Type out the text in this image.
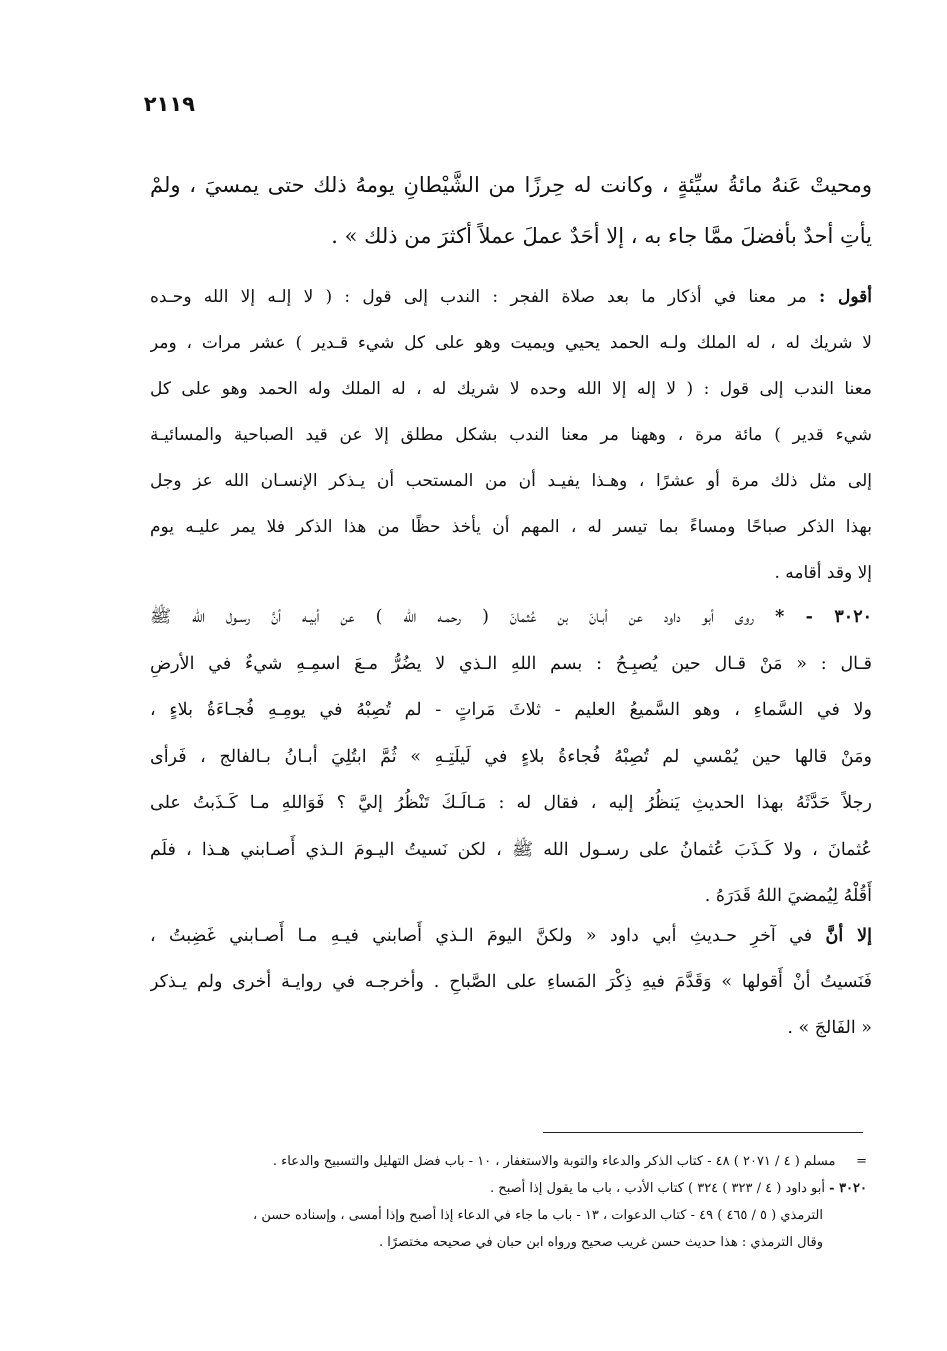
٢١١٩
ومحيتْ عَنهُ مائةُ سيِّئةٍ ، وكانت له حِرزًا من الشَّيْطانِ يومهُ ذلك حتى يمسيَ ، ولمْ
يأتِ أحدٌ بأفضلَ ممَّا جاء به ، إلا أحَدٌ عملَ عملاً أكثرَ من ذلك » .
أقول : مر معنا في أذكار ما بعد صلاة الفجر : الندب إلى قول : ( لا إلـه إلا الله وحـده
لا شريك له ، له الملك ولـه الحمد يحيي ويميت وهو على كل شيء قـدير ) عشر مرات ، ومر
معنا الندب إلى قول : ( لا إله إلا الله وحده لا شريك له ، له الملك وله الحمد وهو على كل
شيء قدير ) مائة مرة ، وههنا مر معنا الندب بشكل مطلق إلا عن قيد الصباحية والمسائيـة
إلى مثل ذلك مرة أو عشرًا ، وهـذا يفيـد أن من المستحب أن يـذكر الإنسـان الله عز وجل
بهذا الذكر صباحًا ومساءً بما تيسر له ، المهم أن يأخذ حظًا من هذا الذكر فلا يمر عليـه يوم
إلا وقد أقامه .
٣٠٢٠ - * روى أبو داود عن أبـانَ بن عُثمانَ ( رحمـه الله ) عن أبيـه أنَّ رسـول الله ﷺ
قـال : « مَنْ قـال حين يُصبِـحُ : بسم اللهِ الـذي لا يضُرُّ مـعَ اسمِـهِ شيءٌ في الأرضِ
ولا في السَّماءِ ، وهو السَّميعُ العليم - ثلاثَ مَراتٍ - لم تُصِبْهُ في يومِـهِ فُجـاءَةُ بلاءٍ ،
ومَنْ قالها حين يُمْسي لم تُصِبْهُ فُجاءةُ بلاءٍ في لَيلَتِـهِ » ثُمَّ ابتُلِيَ أبـانُ بـالفالج ، فَرأى
رجلاً حَدَّثَهُ بهذا الحديثِ يَنظُرُ إليه ، فقال له : مَـالَـكَ تَنْظُرُ إليَّ ؟ فَوَاللهِ مـا كَـذَبتُ على
عُثمانَ ، ولا كَـذَبَ عُثمانُ على رسـول الله ﷺ ، لكن نَسيتُ اليـومَ الـذي أَصـابني هـذا ، فلَم
أَقُلْهُ لِيُمضيَ اللهُ قَدَرَهُ .
إلا أنَّ في آخرِ حـديثِ أبي داود « ولكنَّ اليومَ الـذي أَصابني فيـهِ مـا أَصـابني غَضِبتُ ،
فَنَسيتُ أنْ أَقولها » وَقَدَّمَ فيهِ ذِكْرَ المَساءِ على الصَّباحِ . وأخرجـه في روايـة أخرى ولم يـذكر
« الفَالجَ » .
=     مسلم ( ٤ / ٢٠٧١ ) ٤٨ - كتاب الذكر والدعاء والتوبة والاستغفار ، ١٠ - باب فضل التهليل والتسبيح والدعاء .
٣٠٢٠ - أبو داود ( ٤ / ٣٢٣ ) ٣٢٤ ) كتاب الأدب ، باب ما يقول إذا أصبح .
الترمذي ( ٥ / ٤٦٥ ) ٤٩ - كتاب الدعوات ، ١٣ - باب ما جاء في الدعاء إذا أصبح وإذا أمسى ، وإسناده حسن ،
وقال الترمذي : هذا حديث حسن غريب صحيح ورواه ابن حبان في صحيحه مختصرًا .
